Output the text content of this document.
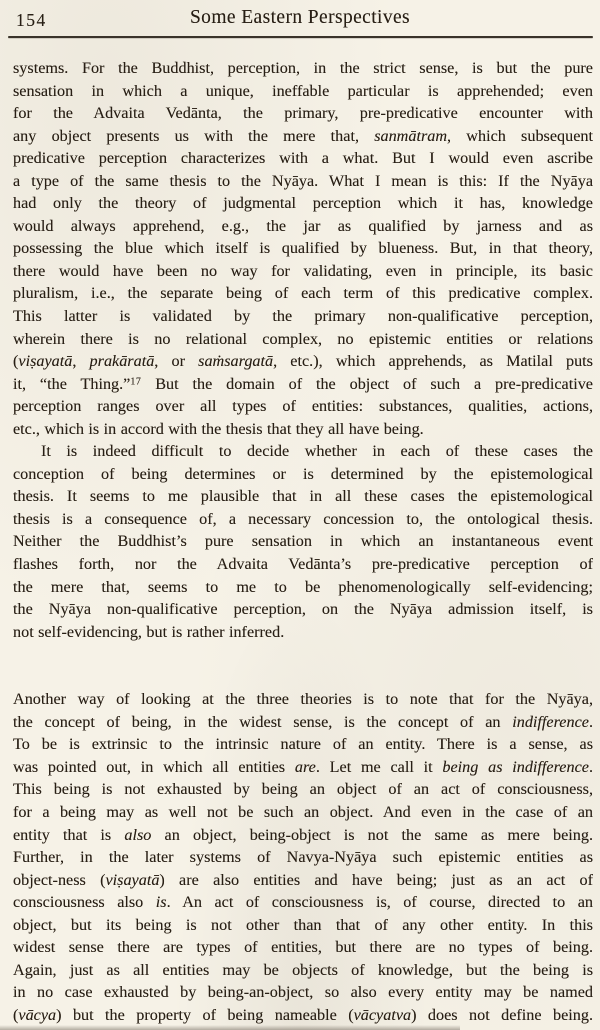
154	Some Eastern Perspectives
systems. For the Buddhist, perception, in the strict sense, is but the pure
sensation in which a unique, ineffable particular is apprehended; even
for the Advaita Vedānta, the primary, pre-predicative encounter with
any object presents us with the mere that, sanmātram, which subsequent
predicative perception characterizes with a what. But I would even ascribe
a type of the same thesis to the Nyāya. What I mean is this: If the Nyāya
had only the theory of judgmental perception which it has, knowledge
would always apprehend, e.g., the jar as qualified by jarness and as
possessing the blue which itself is qualified by blueness. But, in that theory,
there would have been no way for validating, even in principle, its basic
pluralism, i.e., the separate being of each term of this predicative complex.
This latter is validated by the primary non-qualificative perception,
wherein there is no relational complex, no epistemic entities or relations
(viṣayatā, prakāratā, or saṁsargatā, etc.), which apprehends, as Matilal puts
it, “the Thing.”$^{17}$ But the domain of the object of such a pre-predicative
perception ranges over all types of entities: substances, qualities, actions,
etc., which is in accord with the thesis that they all have being.
It is indeed difficult to decide whether in each of these cases the
conception of being determines or is determined by the epistemological
thesis. It seems to me plausible that in all these cases the epistemological
thesis is a consequence of, a necessary concession to, the ontological thesis.
Neither the Buddhist’s pure sensation in which an instantaneous event
flashes forth, nor the Advaita Vedānta’s pre-predicative perception of
the mere that, seems to me to be phenomenologically self-evidencing;
the Nyāya non-qualificative perception, on the Nyāya admission itself, is
not self-evidencing, but is rather inferred.
Another way of looking at the three theories is to note that for the Nyāya,
the concept of being, in the widest sense, is the concept of an indifference.
To be is extrinsic to the intrinsic nature of an entity. There is a sense, as
was pointed out, in which all entities are. Let me call it being as indifference.
This being is not exhausted by being an object of an act of consciousness,
for a being may as well not be such an object. And even in the case of an
entity that is also an object, being-object is not the same as mere being.
Further, in the later systems of Navya-Nyāya such epistemic entities as
object-ness (viṣayatā) are also entities and have being; just as an act of
consciousness also is. An act of consciousness is, of course, directed to an
object, but its being is not other than that of any other entity. In this
widest sense there are types of entities, but there are no types of being.
Again, just as all entities may be objects of knowledge, but the being is
in no case exhausted by being-an-object, so also every entity may be named
(vācya) but the property of being nameable (vācyatva) does not define being.
